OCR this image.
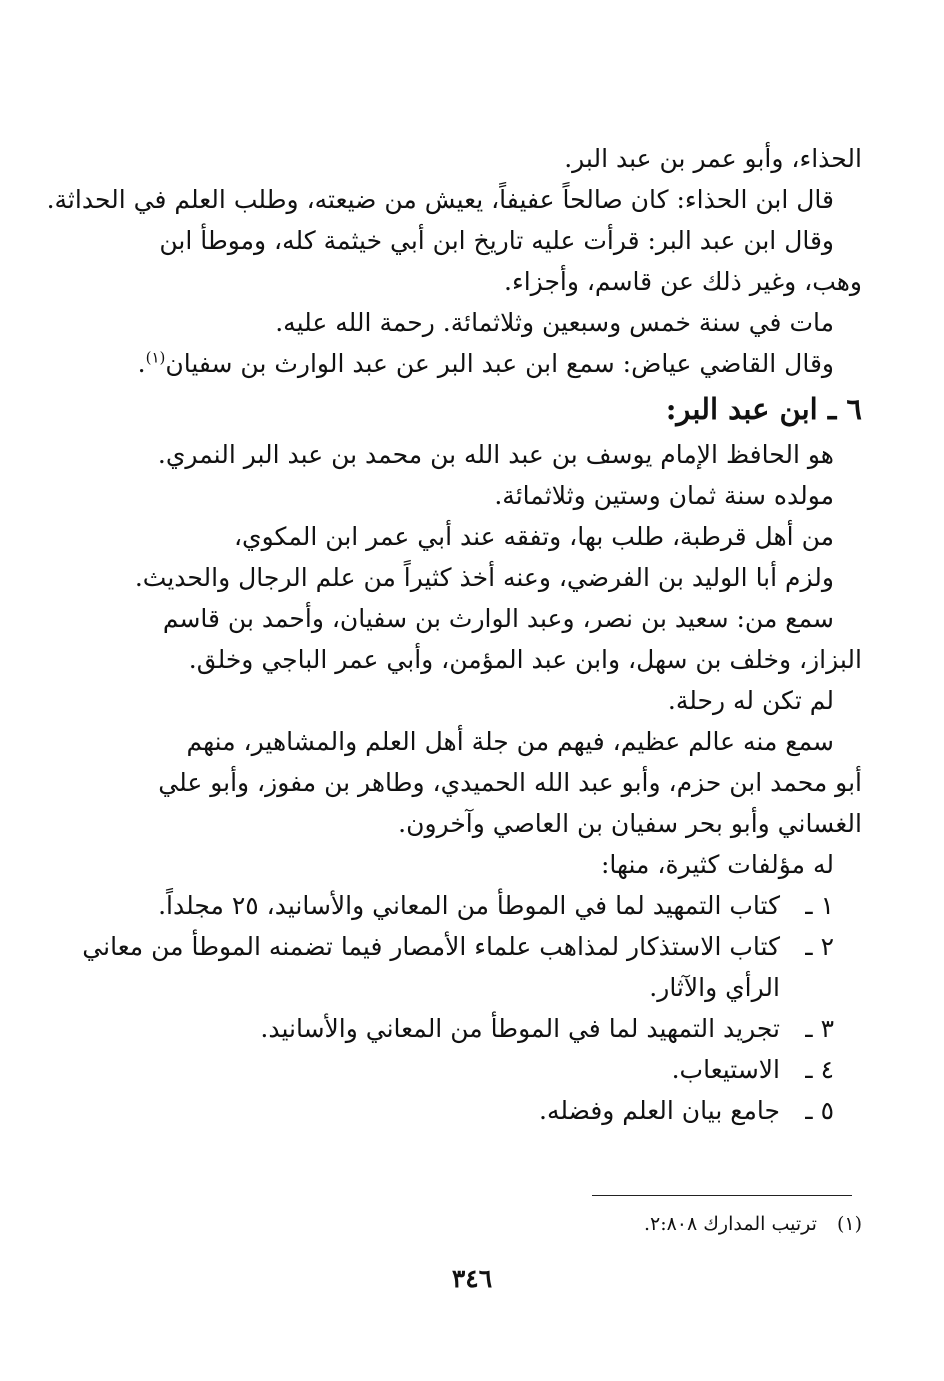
الحذاء، وأبو عمر بن عبد البر.
قال ابن الحذاء: كان صالحاً عفيفاً، يعيش من ضيعته، وطلب العلم في الحداثة.
وقال ابن عبد البر: قرأت عليه تاريخ ابن أبي خيثمة كله، وموطأ ابن
وهب، وغير ذلك عن قاسم، وأجزاء.
مات في سنة خمس وسبعين وثلاثمائة. رحمة الله عليه.
وقال القاضي عياض: سمع ابن عبد البر عن عبد الوارث بن سفيان$^{(١)}$.
٦ ـ ابن عبد البر:
هو الحافظ الإمام يوسف بن عبد الله بن محمد بن عبد البر النمري.
مولده سنة ثمان وستين وثلاثمائة.
من أهل قرطبة، طلب بها، وتفقه عند أبي عمر ابن المكوي،
ولزم أبا الوليد بن الفرضي، وعنه أخذ كثيراً من علم الرجال والحديث.
سمع من: سعيد بن نصر، وعبد الوارث بن سفيان، وأحمد بن قاسم
البزاز، وخلف بن سهل، وابن عبد المؤمن، وأبي عمر الباجي وخلق.
لم تكن له رحلة.
سمع منه عالم عظيم، فيهم من جلة أهل العلم والمشاهير، منهم
أبو محمد ابن حزم، وأبو عبد الله الحميدي، وطاهر بن مفوز، وأبو علي
الغساني وأبو بحر سفيان بن العاصي وآخرون.
له مؤلفات كثيرة، منها:
١ ـ
كتاب التمهيد لما في الموطأ من المعاني والأسانيد، ٢٥ مجلداً.
٢ ـ
كتاب الاستذكار لمذاهب علماء الأمصار فيما تضمنه الموطأ من معاني
الرأي والآثار.
٣ ـ
تجريد التمهيد لما في الموطأ من المعاني والأسانيد.
٤ ـ
الاستيعاب.
٥ ـ
جامع بيان العلم وفضله.
(١) ترتيب المدارك ٢:٨٠٨.
٣٤٦
